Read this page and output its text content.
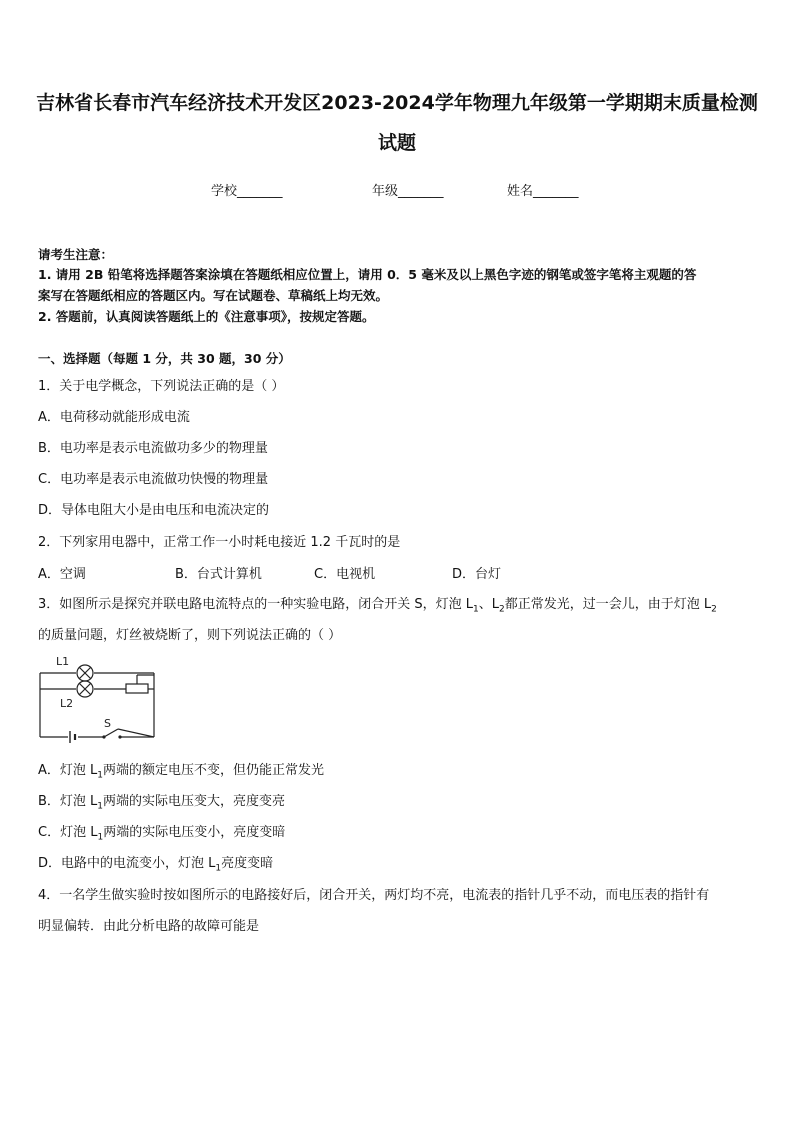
吉林省长春市汽车经济技术开发区2023-2024学年物理九年级第一学期期末质量检测
试题
学校_______	年级_______	姓名_______
请考生注意：
1. 请用 2B 铅笔将选择题答案涂填在答题纸相应位置上，请用 0．5 毫米及以上黑色字迹的钢笔或签字笔将主观题的答
案写在答题纸相应的答题区内。写在试题卷、草稿纸上均无效。
2. 答题前，认真阅读答题纸上的《注意事项》，按规定答题。
一、选择题（每题 1 分，共 30 题，30 分）
1．关于电学概念，下列说法正确的是（ ）
A．电荷移动就能形成电流
B．电功率是表示电流做功多少的物理量
C．电功率是表示电流做功快慢的物理量
D．导体电阻大小是由电压和电流决定的
2．下列家用电器中，正常工作一小时耗电接近 1.2 千瓦时的是
A．空调	B．台式计算机	C．电视机	D．台灯
3．如图所示是探究并联电路电流特点的一种实验电路，闭合开关 S，灯泡 $L_1$、$L_2$都正常发光，过一会儿，由于灯泡 $L_2$
的质量问题，灯丝被烧断了，则下列说法正确的（ ）
L1
L2
S
A．灯泡 $L_1$两端的额定电压不变，但仍能正常发光
B．灯泡 $L_1$两端的实际电压变大，亮度变亮
C．灯泡 $L_1$两端的实际电压变小，亮度变暗
D．电路中的电流变小，灯泡 $L_1$亮度变暗
4．一名学生做实验时按如图所示的电路接好后，闭合开关，两灯均不亮，电流表的指针几乎不动，而电压表的指针有
明显偏转．由此分析电路的故障可能是
